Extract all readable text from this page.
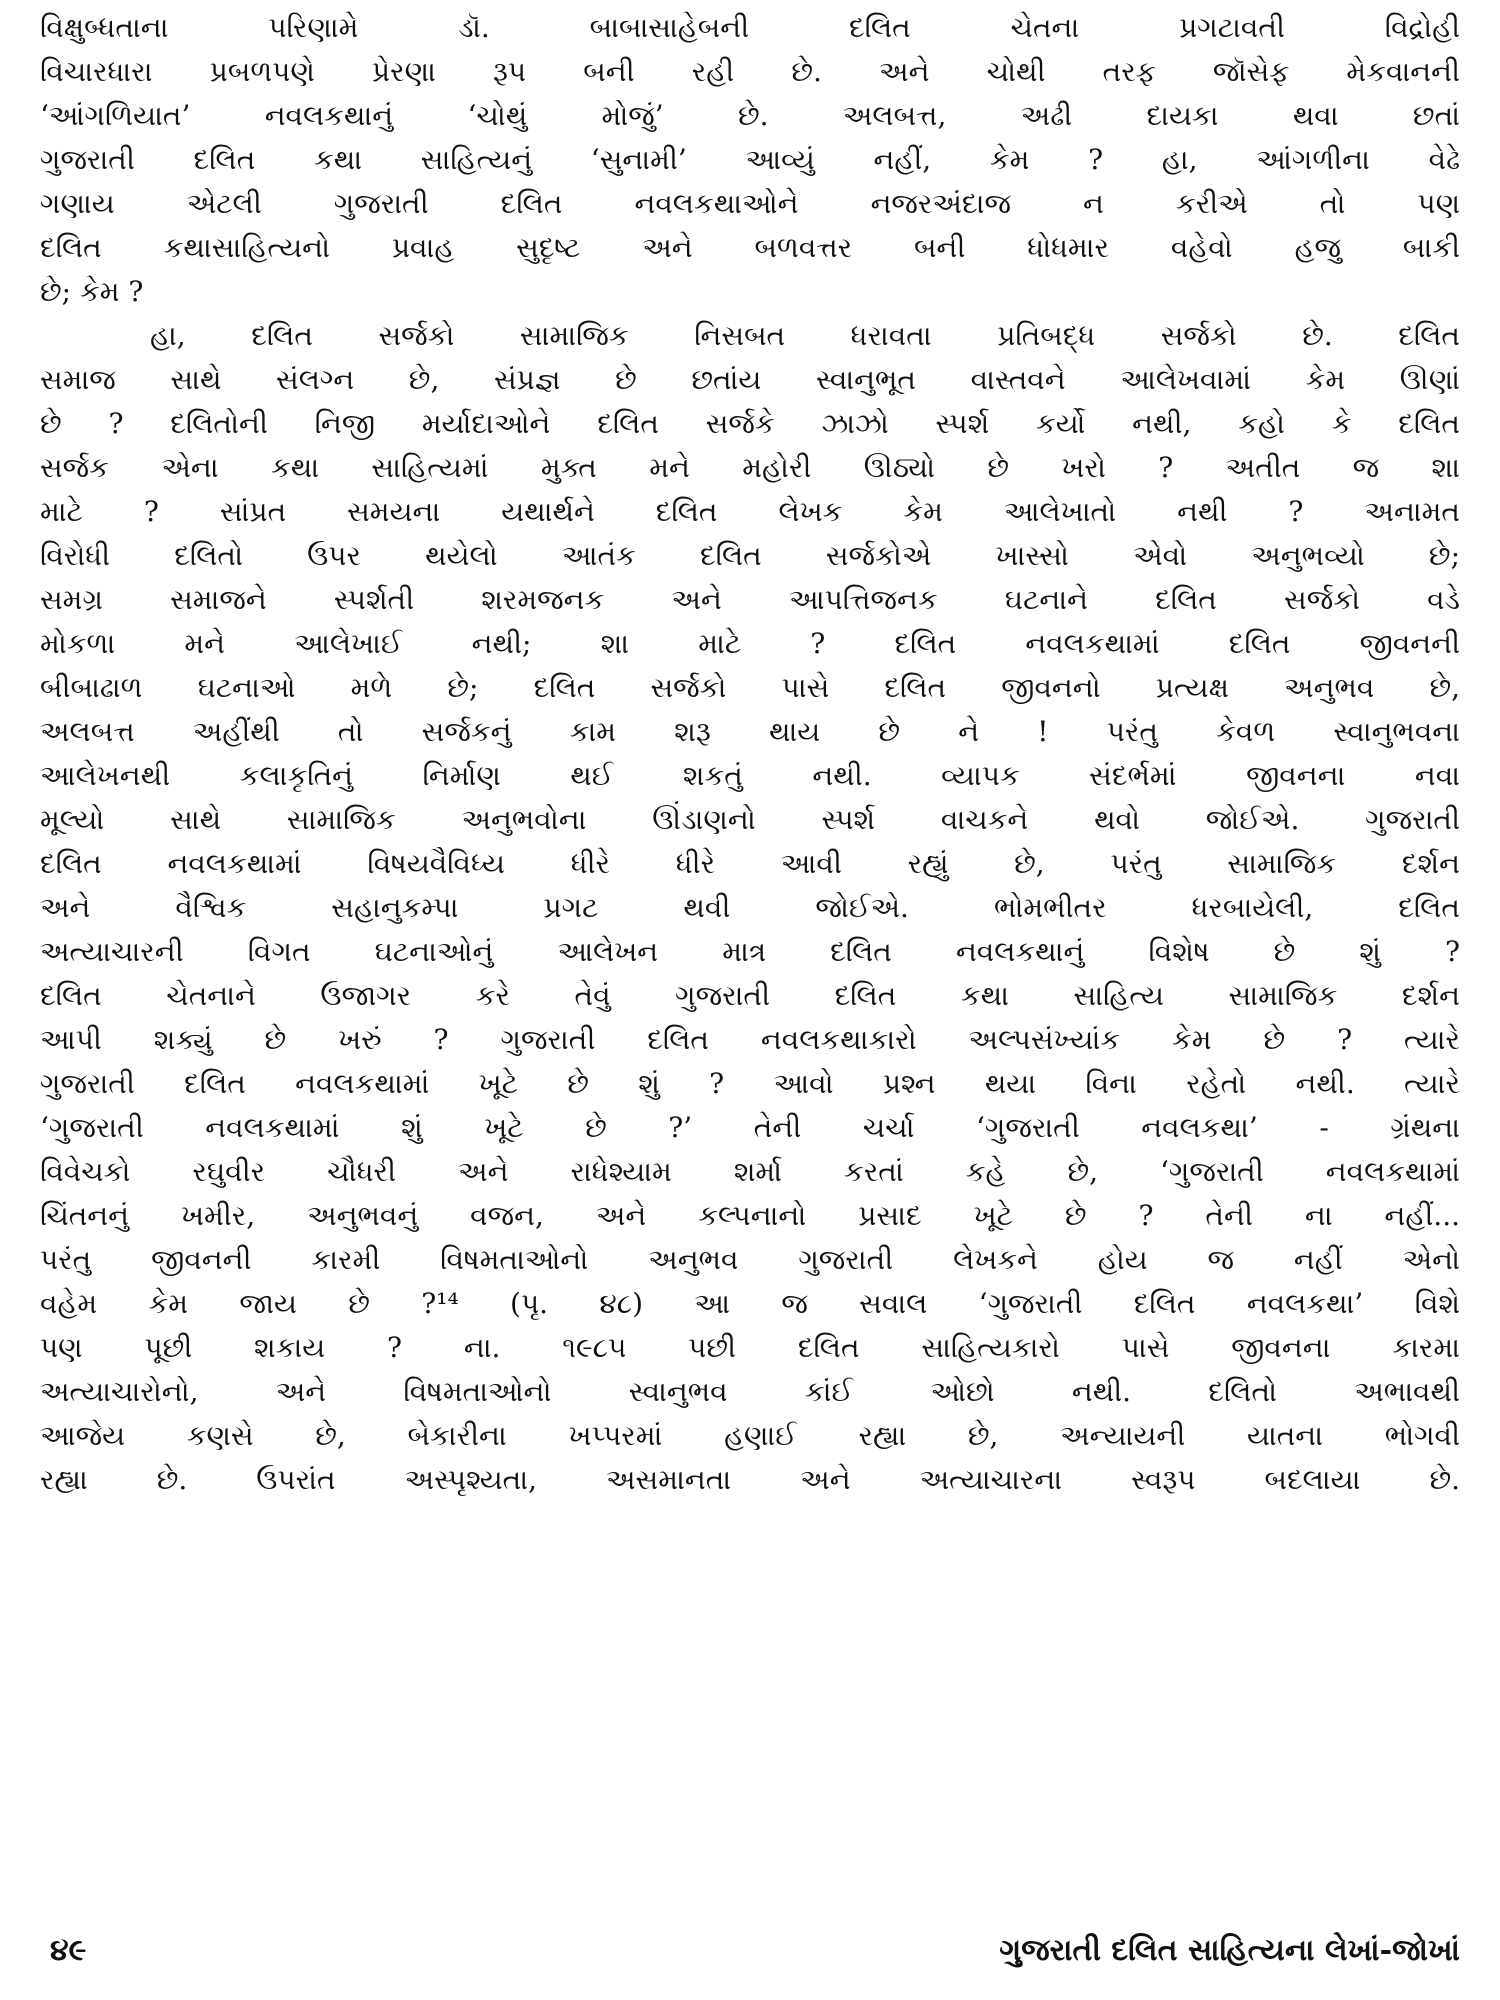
વિક્ષુબ્ધતાના પરિણામે ડૉ. બાબાસાહેબની દલિત ચેતના પ્રગટાવતી વિદ્રોહી
વિચારધારા પ્રબળપણે પ્રેરણા રૂપ બની રહી છે. અને ચોથી તરફ જૉસેફ મેકવાનની
‘આંગળિયાત’ નવલકથાનું ‘ચોથું મોજું’ છે. અલબત્ત, અઢી દાયકા થવા છતાં
ગુજરાતી દલિત કથા સાહિત્યનું ‘સુનામી’ આવ્યું નહીં, કેમ ? હા, આંગળીના વેઢે
ગણાય એટલી ગુજરાતી દલિત નવલકથાઓને નજરઅંદાજ ન કરીએ તો પણ
દલિત કથાસાહિત્યનો પ્રવાહ સુદૃષ્ટ અને બળવત્તર બની ધોધમાર વહેવો હજુ બાકી
છે; કેમ ?
હા, દલિત સર્જકો સામાજિક નિસબત ધરાવતા પ્રતિબદ્ધ સર્જકો છે. દલિત
સમાજ સાથે સંલગ્ન છે, સંપ્રજ્ઞ છે છતાંય સ્વાનુભૂત વાસ્તવને આલેખવામાં કેમ ઊણાં
છે ? દલિતોની નિજી મર્યાદાઓને દલિત સર્જકે ઝાઝો સ્પર્શ કર્યો નથી, કહો કે દલિત
સર્જક એના કથા સાહિત્યમાં મુક્ત મને મહોરી ઊઠ્યો છે ખરો ? અતીત જ શા
માટે ? સાંપ્રત સમયના યથાર્થને દલિત લેખક કેમ આલેખાતો નથી ? અનામત
વિરોધી દલિતો ઉપર થયેલો આતંક દલિત સર્જકોએ ખાસ્સો એવો અનુભવ્યો છે;
સમગ્ર સમાજને સ્પર્શતી શરમજનક અને આપત્તિજનક ઘટનાને દલિત સર્જકો વડે
મોકળા મને આલેખાઈ નથી; શા માટે ? દલિત નવલકથામાં દલિત જીવનની
બીબાઢાળ ઘટનાઓ મળે છે; દલિત સર્જકો પાસે દલિત જીવનનો પ્રત્યક્ષ અનુભવ છે,
અલબત્ત અહીંથી તો સર્જકનું કામ શરૂ થાય છે ને ! પરંતુ કેવળ સ્વાનુભવના
આલેખનથી કલાકૃતિનું નિર્માણ થઈ શકતું નથી. વ્યાપક સંદર્ભમાં જીવનના નવા
મૂલ્યો સાથે સામાજિક અનુભવોના ઊંડાણનો સ્પર્શ વાચકને થવો જોઈએ. ગુજરાતી
દલિત નવલકથામાં વિષયવૈવિધ્ય ધીરે ધીરે આવી રહ્યું છે, પરંતુ સામાજિક દર્શન
અને વૈશ્વિક સહાનુકમ્પા પ્રગટ થવી જોઈએ. ભોમભીતર ધરબાયેલી, દલિત
અત્યાચારની વિગત ઘટનાઓનું આલેખન માત્ર દલિત નવલકથાનું વિશેષ છે શું ?
દલિત ચેતનાને ઉજાગર કરે તેવું ગુજરાતી દલિત કથા સાહિત્ય સામાજિક દર્શન
આપી શક્યું છે ખરું ? ગુજરાતી દલિત નવલકથાકારો અલ્પસંખ્યાંક કેમ છે ? ત્યારે
ગુજરાતી દલિત નવલકથામાં ખૂટે છે શું ? આવો પ્રશ્ન થયા વિના રહેતો નથી. ત્યારે
‘ગુજરાતી નવલકથામાં શું ખૂટે છે ?’ તેની ચર્ચા ‘ગુજરાતી નવલકથા’ - ગ્રંથના
વિવેચકો રઘુવીર ચૌધરી અને રાધેશ્યામ શર્મા કરતાં કહે છે, ‘ગુજરાતી નવલકથામાં
ચિંતનનું ખમીર, અનુભવનું વજન, અને કલ્પનાનો પ્રસાદ ખૂટે છે ? તેની ના નહીં...
પરંતુ જીવનની કારમી વિષમતાઓનો અનુભવ ગુજરાતી લેખકને હોય જ નહીં એનો
વહેમ કેમ જાય છે ?¹⁴ (પૃ. ૪૮) આ જ સવાલ ‘ગુજરાતી દલિત નવલકથા’ વિશે
પણ પૂછી શકાય ? ના. ૧૯૮૫ પછી દલિત સાહિત્યકારો પાસે જીવનના કારમા
અત્યાચારોનો, અને વિષમતાઓનો સ્વાનુભવ કાંઈ ઓછો નથી. દલિતો અભાવથી
આજેય કણસે છે, બેકારીના ખપ્પરમાં હણાઈ રહ્યા છે, અન્યાયની યાતના ભોગવી
રહ્યા છે. ઉપરાંત અસ્પૃશ્યતા, અસમાનતા અને અત્યાચારના સ્વરૂપ બદલાયા છે.
૪૯	ગુજરાતી દલિત સાહિત્યના લેખાં-જોખાં
